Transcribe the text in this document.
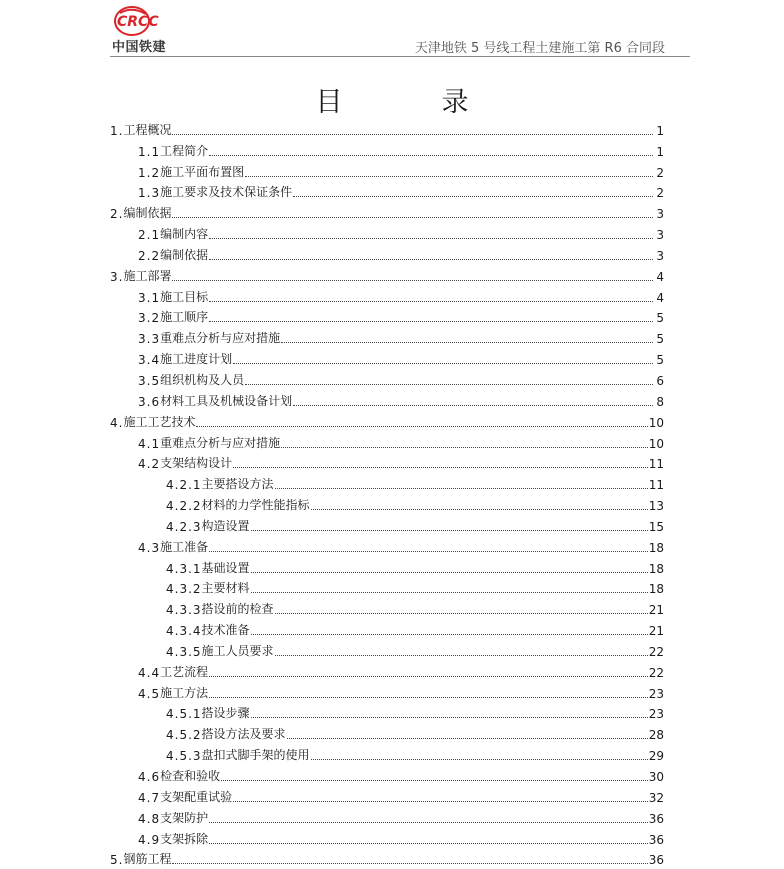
CRCC
中国铁建	天津地铁 5 号线工程土建施工第 R6 合同段
目　录
1. 工程概况	1
1.1 工程简介	1
1.2 施工平面布置图	2
1.3 施工要求及技术保证条件	2
2. 编制依据	3
2.1 编制内容	3
2.2 编制依据	3
3. 施工部署	4
3.1 施工目标	4
3.2 施工顺序	5
3.3 重难点分析与应对措施	5
3.4 施工进度计划	5
3.5 组织机构及人员	6
3.6 材料工具及机械设备计划	8
4. 施工工艺技术	10
4.1 重难点分析与应对措施	10
4.2 支架结构设计	11
4.2.1 主要搭设方法	11
4.2.2 材料的力学性能指标	13
4.2.3 构造设置	15
4.3 施工准备	18
4.3.1 基础设置	18
4.3.2 主要材料	18
4.3.3 搭设前的检查	21
4.3.4 技术准备	21
4.3.5 施工人员要求	22
4.4 工艺流程	22
4.5 施工方法	23
4.5.1 搭设步骤	23
4.5.2 搭设方法及要求	28
4.5.3 盘扣式脚手架的使用	29
4.6 检查和验收	30
4.7 支架配重试验	32
4.8 支架防护	36
4.9 支架拆除	36
5. 钢筋工程	36
